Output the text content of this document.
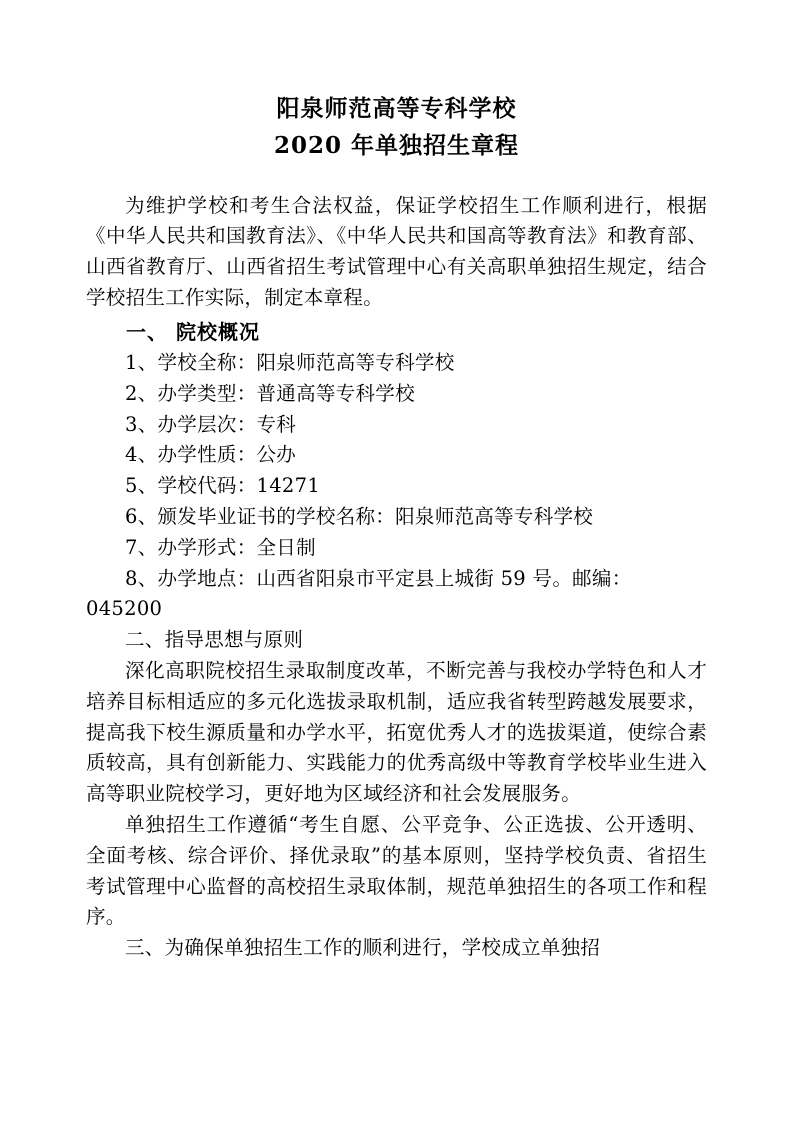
阳泉师范高等专科学校
2020 年单独招生章程

为维护学校和考生合法权益，保证学校招生工作顺利进行，根据《中华人民共和国教育法》、《中华人民共和国高等教育法》和教育部、山西省教育厅、山西省招生考试管理中心有关高职单独招生规定，结合学校招生工作实际，制定本章程。

一、 院校概况

1、学校全称：阳泉师范高等专科学校

2、办学类型：普通高等专科学校

3、办学层次：专科

4、办学性质：公办

5、学校代码：14271

6、颁发毕业证书的学校名称：阳泉师范高等专科学校

7、办学形式：全日制

8、办学地点：山西省阳泉市平定县上城街 59 号。邮编：

045200

二、指导思想与原则

深化高职院校招生录取制度改革，不断完善与我校办学特色和人才培养目标相适应的多元化选拔录取机制，适应我省转型跨越发展要求，提高我下校生源质量和办学水平，拓宽优秀人才的选拔渠道，使综合素质较高，具有创新能力、实践能力的优秀高级中等教育学校毕业生进入高等职业院校学习，更好地为区域经济和社会发展服务。

单独招生工作遵循“考生自愿、公平竞争、公正选拔、公开透明、全面考核、综合评价、择优录取”的基本原则，坚持学校负责、省招生考试管理中心监督的高校招生录取体制，规范单独招生的各项工作和程序。

三、为确保单独招生工作的顺利进行，学校成立单独招
